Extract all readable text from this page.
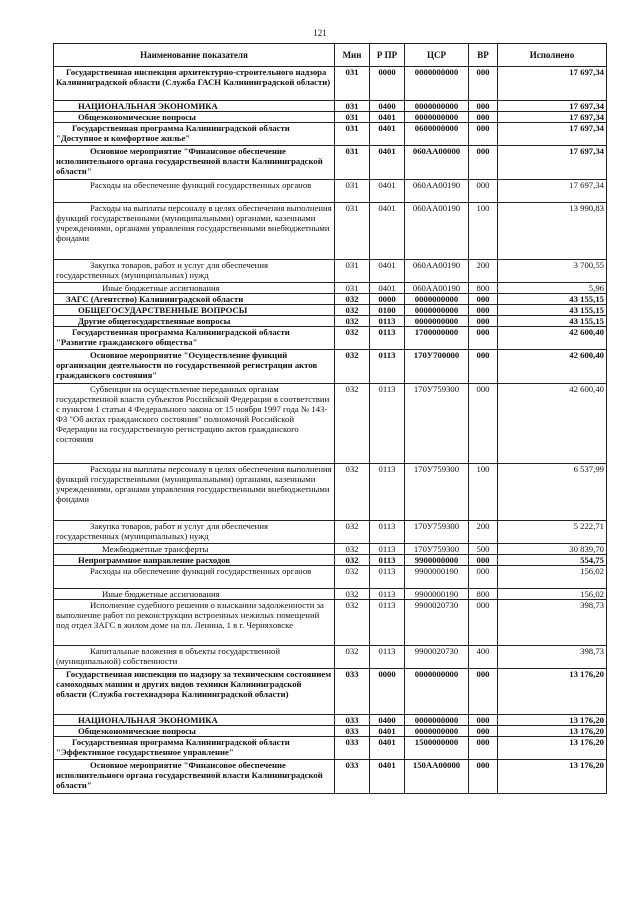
121
Наименование показателя	Мин	Р ПР	ЦСР	ВР	Исполнено
Государственная инспекция архитектурно-строительного надзора Калининградской области (Служба ГАСН Калининградской области)	031	0000	0000000000	000	17 697,34
НАЦИОНАЛЬНАЯ ЭКОНОМИКА	031	0400	0000000000	000	17 697,34
Общеэкономические вопросы	031	0401	0000000000	000	17 697,34
Государственная программа Калининградской области "Доступное и комфортное жилье"	031	0401	0600000000	000	17 697,34
Основное мероприятие "Финансовое обеспечение исполнительного органа государственной власти Калининградской области"	031	0401	060АА00000	000	17 697,34
Расходы на обеспечение функций государственных органов	031	0401	060АА00190	000	17 697,34
Расходы на выплаты персоналу в целях обеспечения выполнения функций государственными (муниципальными) органами, казенными учреждениями, органами управления государственными внебюджетными фондами	031	0401	060АА00190	100	13 990,83
Закупка товаров, работ и услуг для обеспечения государственных (муниципальных) нужд	031	0401	060АА00190	200	3 700,55
Иные бюджетные ассигнования	031	0401	060АА00190	800	5,96
ЗАГС (Агентство) Калининградской области	032	0000	0000000000	000	43 155,15
ОБЩЕГОСУДАРСТВЕННЫЕ ВОПРОСЫ	032	0100	0000000000	000	43 155,15
Другие общегосударственные вопросы	032	0113	0000000000	000	43 155,15
Государственная программа Калининградской области "Развитие гражданского общества"	032	0113	1700000000	000	42 600,40
Основное мероприятие "Осуществление функций организации деятельности по государственной регистрации актов гражданского состояния"	032	0113	170У700000	000	42 600,40
Субвенции на осуществление переданных органам государственной власти субъектов Российской Федерации в соответствии с пунктом 1 статьи 4 Федерального закона от 15 ноября 1997 года № 143-ФЗ "Об актах гражданского состояния" полномочий Российской Федерации на государственную регистрацию актов гражданского состояния	032	0113	170У759300	000	42 600,40
Расходы на выплаты персоналу в целях обеспечения выполнения функций государственными (муниципальными) органами, казенными учреждениями, органами управления государственными внебюджетными фондами	032	0113	170У759300	100	6 537,99
Закупка товаров, работ и услуг для обеспечения государственных (муниципальных) нужд	032	0113	170У759300	200	5 222,71
Межбюджетные трансферты	032	0113	170У759300	500	30 839,70
Непрограммное направление расходов	032	0113	9900000000	000	554,75
Расходы на обеспечение функций государственных органов	032	0113	9900000190	000	156,02
Иные бюджетные ассигнования	032	0113	9900000190	800	156,02
Исполнение судебного решения о взыскании задолженности за выполнение работ по реконструкции встроенных нежилых помещений под отдел ЗАГС в жилом доме на пл. Ленина, 1 в г. Черняховске	032	0113	9900020730	000	398,73
Капитальные вложения в объекты государственной (муниципальной) собственности	032	0113	9900020730	400	398,73
Государственная инспекция по надзору за техническим состоянием самоходных машин и других видов техники Калининградской области (Служба гостехнадзора Калининградской области)	033	0000	0000000000	000	13 176,20
НАЦИОНАЛЬНАЯ ЭКОНОМИКА	033	0400	0000000000	000	13 176,20
Общеэкономические вопросы	033	0401	0000000000	000	13 176,20
Государственная программа Калининградской области "Эффективное государственное управление"	033	0401	1500000000	000	13 176,20
Основное мероприятие "Финансовое обеспечение исполнительного органа государственной власти Калининградской области"	033	0401	150АА00000	000	13 176,20
